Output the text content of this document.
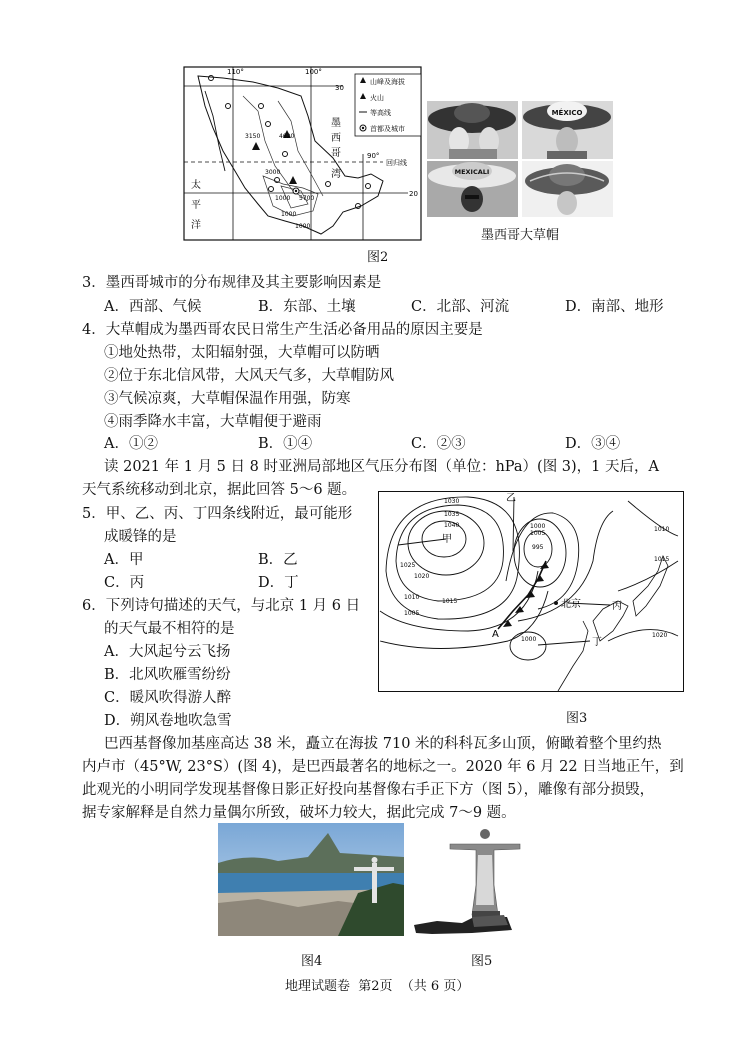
山峰及海拔
火山
等高线
首都及城市
110°	100°
90°
30
20
回归线
墨
西
哥
湾
太
平
洋
3150	4620
5700
3000
1000
1000
1000
图2
MÉXICO
MEXICALI
墨西哥大草帽
3．墨西哥城市的分布规律及其主要影响因素是
A．西部、气候	B．东部、土壤	C．北部、河流	D．南部、地形
4．大草帽成为墨西哥农民日常生产生活必备用品的原因主要是
①地处热带，太阳辐射强，大草帽可以防晒
②位于东北信风带，大风天气多，大草帽防风
③气候凉爽，大草帽保温作用强，防寒
④雨季降水丰富，大草帽便于避雨
A．①②	B．①④	C．②③	D．③④
读 2021 年 1 月 5 日 8 时亚洲局部地区气压分布图（单位：hPa）(图 3)，1 天后，A
天气系统移动到北京，据此回答 5～6 题。
5．甲、乙、丙、丁四条线附近，最可能形
成暖锋的是
A．甲	B．乙
C．丙	D．丁
6．下列诗句描述的天气，与北京 1 月 6 日
的天气最不相符的是
A．大风起兮云飞扬
B．北风吹雁雪纷纷
C．暖风吹得游人醉
D．朔风卷地吹急雪
甲
乙
丙
丁
北京
A
1030
1035
1040
1025
1020
1015
1010
1005
1000
1005
995
1010
1015
1020
1000
图3
巴西基督像加基座高达 38 米，矗立在海拔 710 米的科科瓦多山顶，俯瞰着整个里约热
内卢市（45°W, 23°S）(图 4)，是巴西最著名的地标之一。2020 年 6 月 22 日当地正午，到
此观光的小明同学发现基督像日影正好投向基督像右手正下方（图 5），雕像有部分损毁，
据专家解释是自然力量偶尔所致，破坏力较大，据此完成 7～9 题。
图4	图5
地理试题卷  第2页  （共 6 页）
